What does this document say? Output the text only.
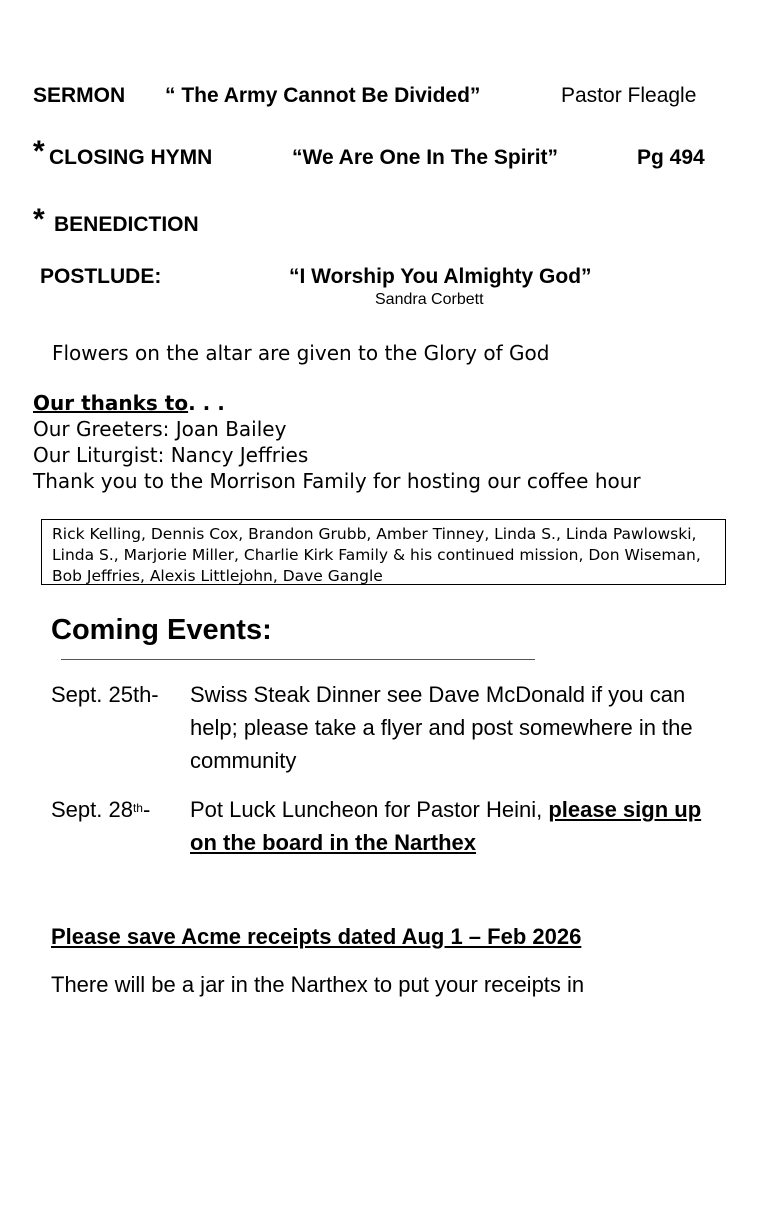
SERMON “ The Army Cannot Be Divided”	Pastor Fleagle
* CLOSING HYMN	“We Are One In The Spirit”	Pg 494
* BENEDICTION
POSTLUDE:	“I Worship You Almighty God”
Sandra Corbett
Flowers on the altar are given to the Glory of God
Our thanks to. . .
Our Greeters: Joan Bailey
Our Liturgist: Nancy Jeffries
Thank you to the Morrison Family for hosting our coffee hour
Rick Kelling, Dennis Cox, Brandon Grubb, Amber Tinney, Linda S., Linda Pawlowski, Linda S., Marjorie Miller, Charlie Kirk Family & his continued mission, Don Wiseman, Bob Jeffries, Alexis Littlejohn, Dave Gangle
Coming Events:
Sept. 25th- Swiss Steak Dinner see Dave McDonald if you can help; please take a flyer and post somewhere in the community
Sept. 28th- Pot Luck Luncheon for Pastor Heini, please sign up on the board in the Narthex
Please save Acme receipts dated Aug 1 – Feb 2026
There will be a jar in the Narthex to put your receipts in
